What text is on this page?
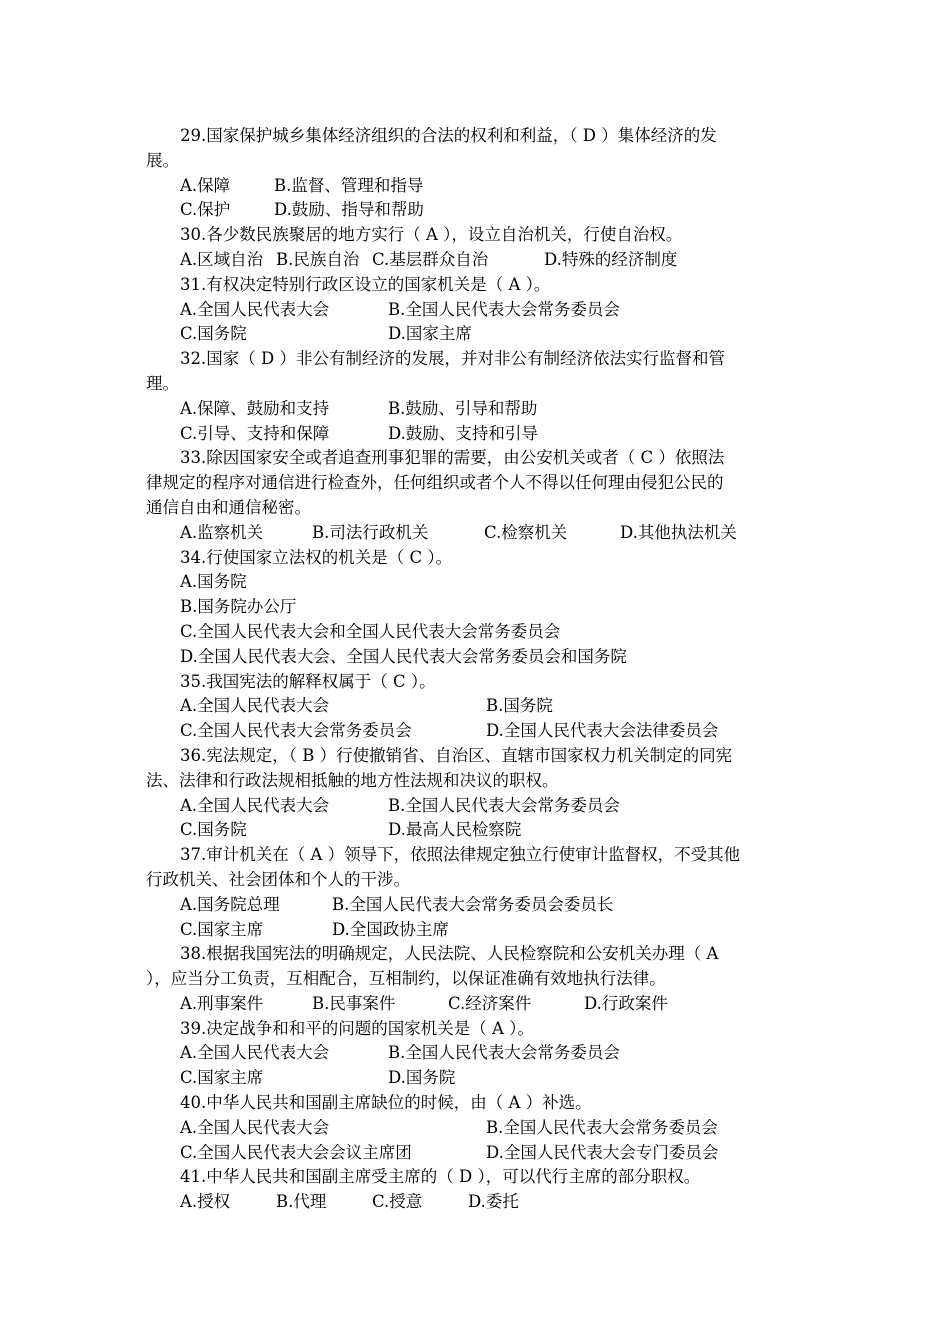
29.国家保护城乡集体经济组织的合法的权利和利益，（ D ）集体经济的发
展。
A.保障	B.监督、管理和指导
C.保护	D.鼓励、指导和帮助
30.各少数民族聚居的地方实行（ A ），设立自治机关，行使自治权。
A.区域自治 B.民族自治 C.基层群众自治	D.特殊的经济制度
31.有权决定特别行政区设立的国家机关是（ A ）。
A.全国人民代表大会	B.全国人民代表大会常务委员会
C.国务院	D.国家主席
32.国家（ D ）非公有制经济的发展，并对非公有制经济依法实行监督和管
理。
A.保障、鼓励和支持	B.鼓励、引导和帮助
C.引导、支持和保障	D.鼓励、支持和引导
33.除因国家安全或者追查刑事犯罪的需要，由公安机关或者（ C ）依照法
律规定的程序对通信进行检查外，任何组织或者个人不得以任何理由侵犯公民的
通信自由和通信秘密。
A.监察机关	B.司法行政机关	C.检察机关	D.其他执法机关
34.行使国家立法权的机关是（ C ）。
A.国务院
B.国务院办公厅
C.全国人民代表大会和全国人民代表大会常务委员会
D.全国人民代表大会、全国人民代表大会常务委员会和国务院
35.我国宪法的解释权属于（ C ）。
A.全国人民代表大会	B.国务院
C.全国人民代表大会常务委员会	D.全国人民代表大会法律委员会
36.宪法规定，（ B ）行使撤销省、自治区、直辖市国家权力机关制定的同宪
法、法律和行政法规相抵触的地方性法规和决议的职权。
A.全国人民代表大会	B.全国人民代表大会常务委员会
C.国务院	D.最高人民检察院
37.审计机关在（ A ）领导下，依照法律规定独立行使审计监督权，不受其他
行政机关、社会团体和个人的干涉。
A.国务院总理	B.全国人民代表大会常务委员会委员长
C.国家主席	D.全国政协主席
38.根据我国宪法的明确规定，人民法院、人民检察院和公安机关办理（ A
），应当分工负责，互相配合，互相制约，以保证准确有效地执行法律。
A.刑事案件	B.民事案件	C.经济案件	D.行政案件
39.决定战争和和平的问题的国家机关是（ A ）。
A.全国人民代表大会	B.全国人民代表大会常务委员会
C.国家主席	D.国务院
40.中华人民共和国副主席缺位的时候，由（ A ）补选。
A.全国人民代表大会	B.全国人民代表大会常务委员会
C.全国人民代表大会会议主席团	D.全国人民代表大会专门委员会
41.中华人民共和国副主席受主席的（ D ），可以代行主席的部分职权。
A.授权	B.代理	C.授意	D.委托
